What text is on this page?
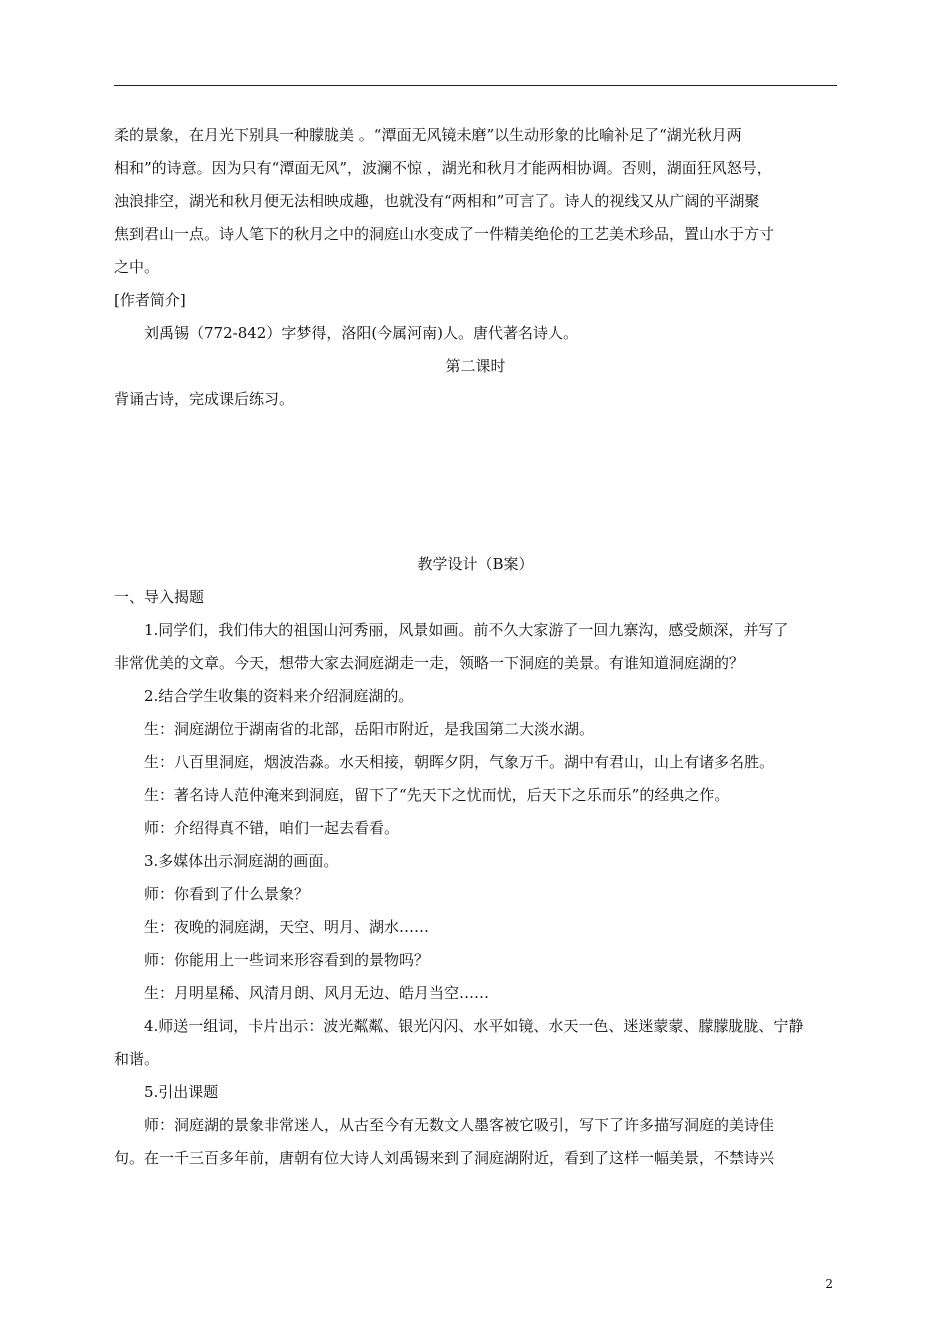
柔的景象，在月光下别具一种朦胧美 。“潭面无风镜未磨”以生动形象的比喻补足了“湖光秋月两
相和”的诗意。因为只有“潭面无风”，波澜不惊 ，湖光和秋月才能两相协调。否则，湖面狂风怒号，
浊浪排空，湖光和秋月便无法相映成趣，也就没有“两相和”可言了。诗人的视线又从广阔的平湖聚
焦到君山一点。诗人笔下的秋月之中的洞庭山水变成了一件精美绝伦的工艺美术珍品，置山水于方寸
之中。
[作者简介]
刘禹锡（772-842）字梦得，洛阳(今属河南)人。唐代著名诗人。
第二课时
背诵古诗，完成课后练习。
教学设计（B案）
一、导入揭题
1.同学们，我们伟大的祖国山河秀丽，风景如画。前不久大家游了一回九寨沟，感受颇深，并写了
非常优美的文章。今天，想带大家去洞庭湖走一走，领略一下洞庭的美景。有谁知道洞庭湖的？
2.结合学生收集的资料来介绍洞庭湖的。
生：洞庭湖位于湖南省的北部，岳阳市附近，是我国第二大淡水湖。
生：八百里洞庭，烟波浩淼。水天相接，朝晖夕阴，气象万千。湖中有君山，山上有诸多名胜。
生：著名诗人范仲淹来到洞庭，留下了“先天下之忧而忧，后天下之乐而乐”的经典之作。
师：介绍得真不错，咱们一起去看看。
3.多媒体出示洞庭湖的画面。
师：你看到了什么景象？
生：夜晚的洞庭湖，天空、明月、湖水……
师：你能用上一些词来形容看到的景物吗？
生：月明星稀、风清月朗、风月无边、皓月当空……
4.师送一组词，卡片出示：波光粼粼、银光闪闪、水平如镜、水天一色、迷迷蒙蒙、朦朦胧胧、宁静
和谐。
5.引出课题
师：洞庭湖的景象非常迷人，从古至今有无数文人墨客被它吸引，写下了许多描写洞庭的美诗佳
句。在一千三百多年前，唐朝有位大诗人刘禹锡来到了洞庭湖附近，看到了这样一幅美景，不禁诗兴
2
